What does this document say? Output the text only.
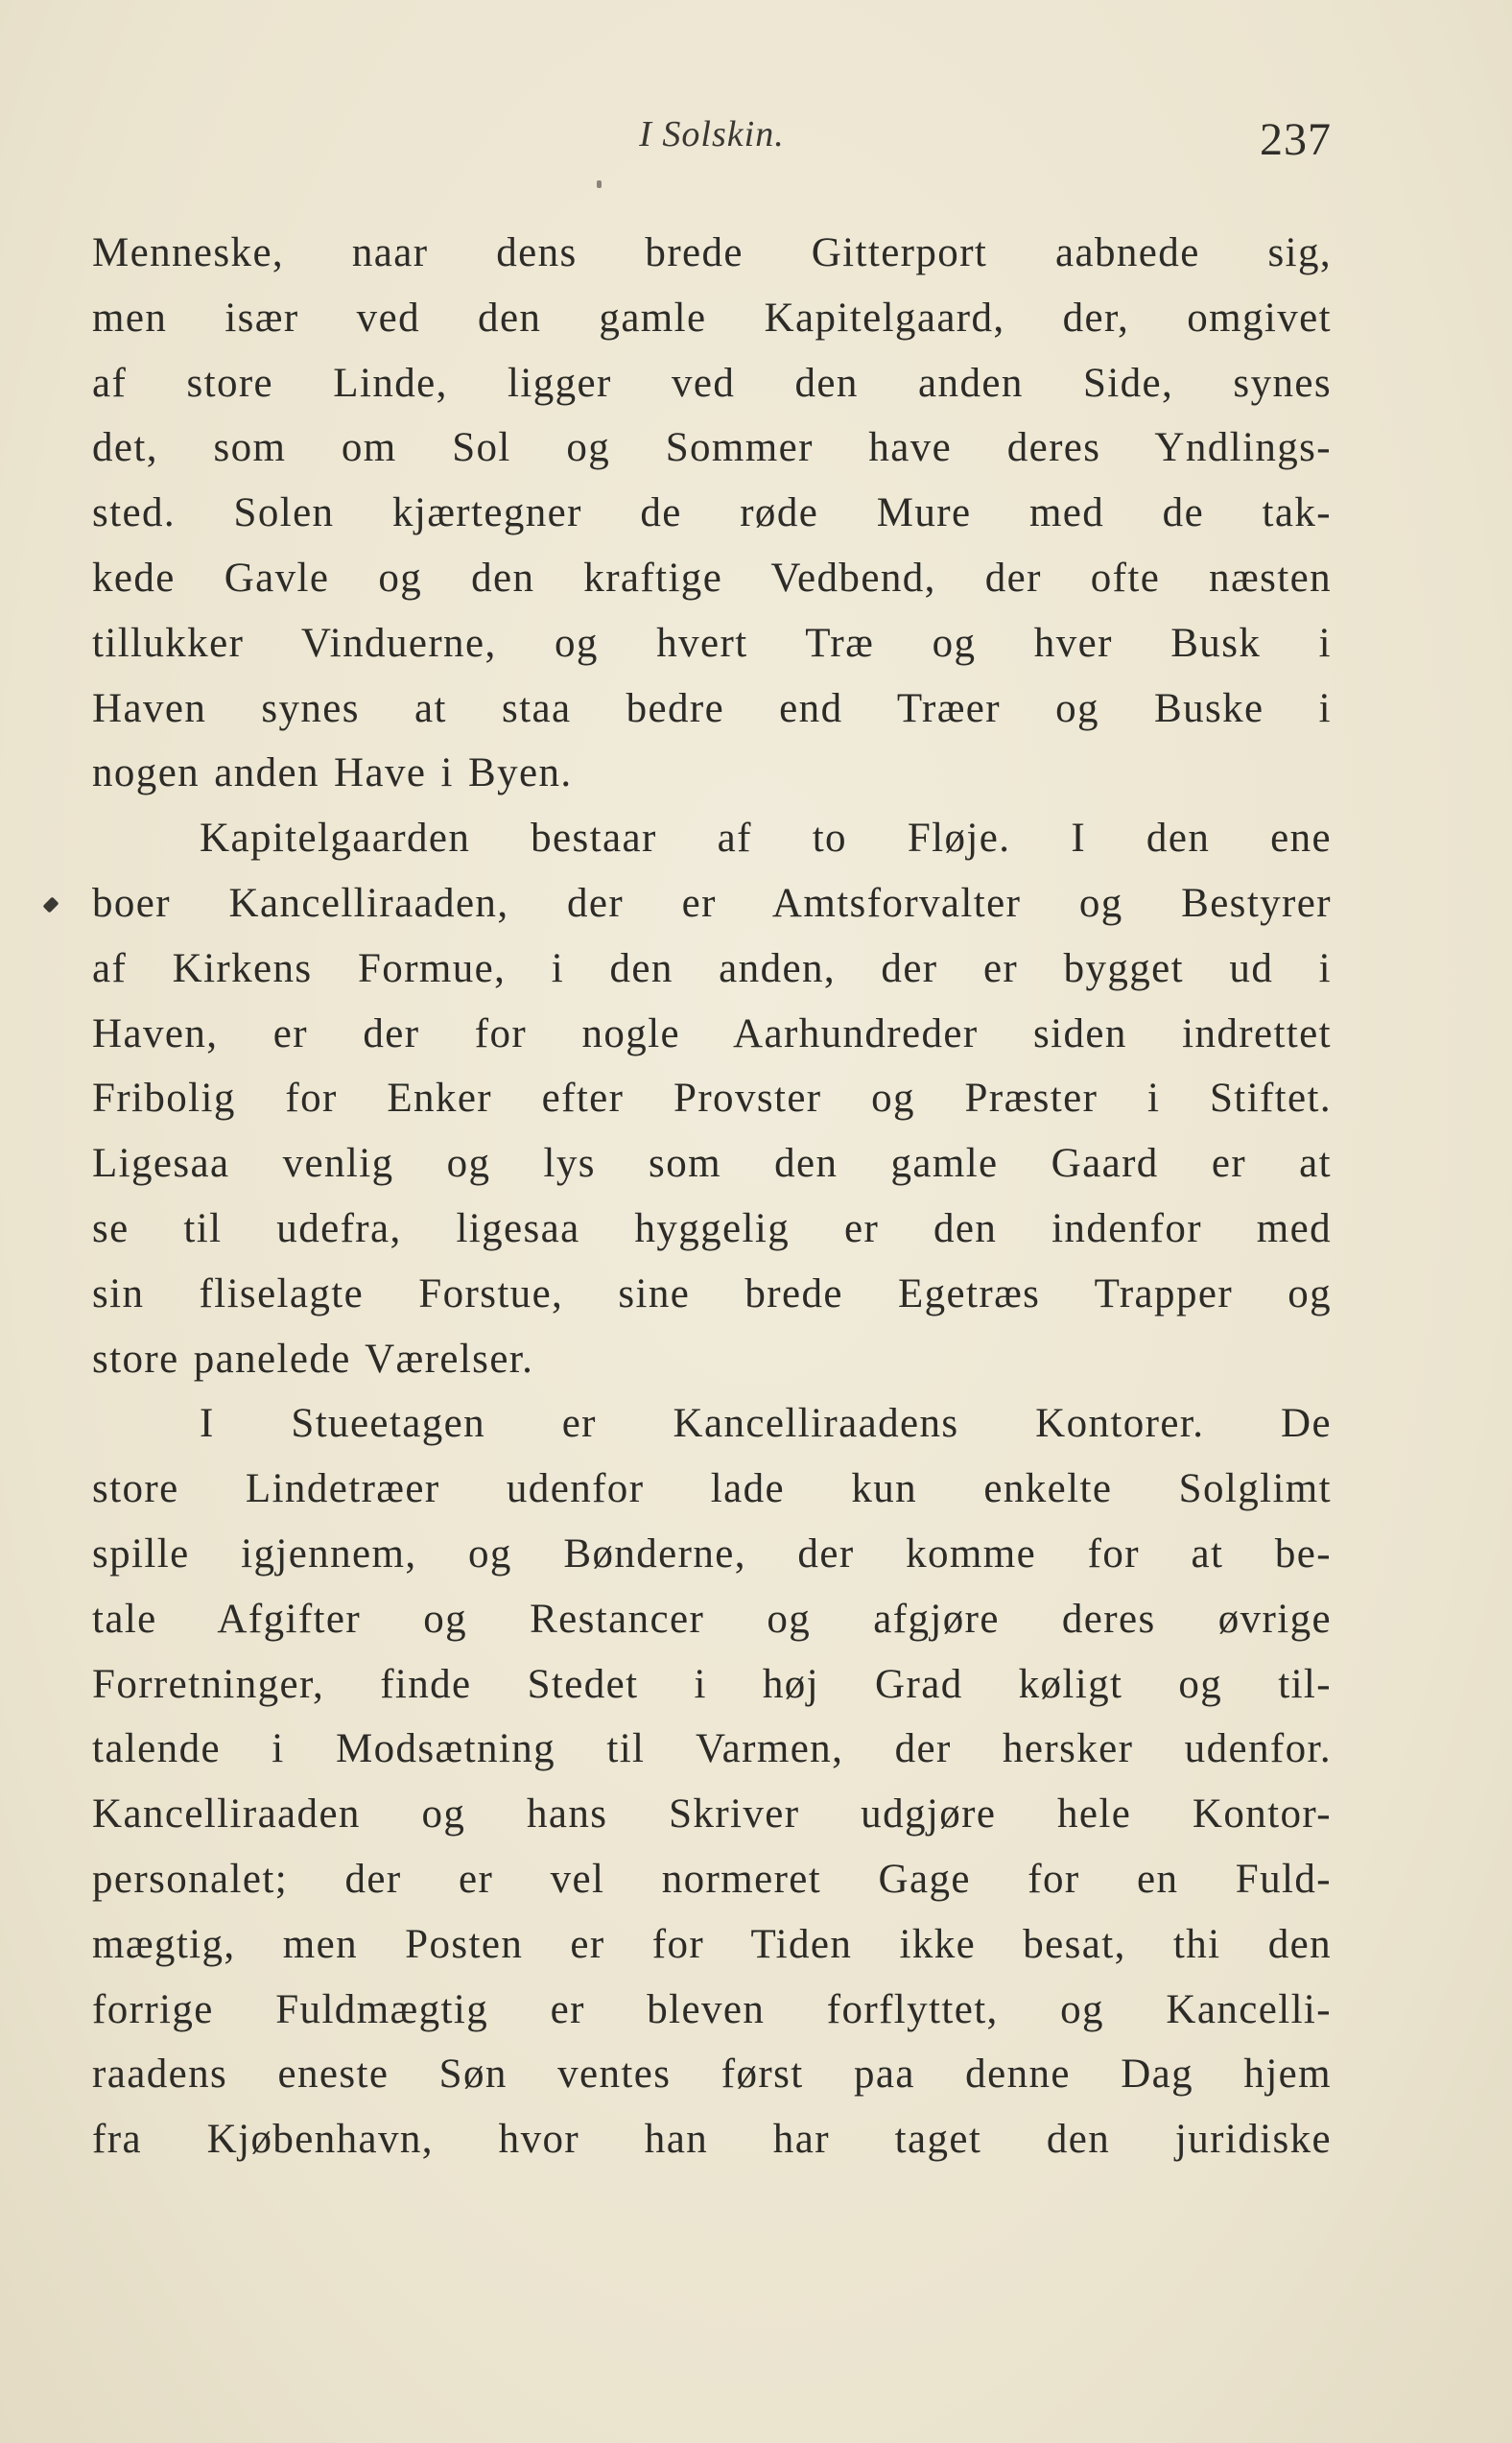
I Solskin.	237
Menneske, naar dens brede Gitterport aabnede sig,
men især ved den gamle Kapitelgaard, der, omgivet
af store Linde, ligger ved den anden Side, synes
det, som om Sol og Sommer have deres Yndlings-
sted. Solen kjærtegner de røde Mure med de tak-
kede Gavle og den kraftige Vedbend, der ofte næsten
tillukker Vinduerne, og hvert Træ og hver Busk i
Haven synes at staa bedre end Træer og Buske i
nogen anden Have i Byen.
Kapitelgaarden bestaar af to Fløje. I den ene
boer Kancelliraaden, der er Amtsforvalter og Bestyrer
af Kirkens Formue, i den anden, der er bygget ud i
Haven, er der for nogle Aarhundreder siden indrettet
Fribolig for Enker efter Provster og Præster i Stiftet.
Ligesaa venlig og lys som den gamle Gaard er at
se til udefra, ligesaa hyggelig er den indenfor med
sin fliselagte Forstue, sine brede Egetræs Trapper og
store panelede Værelser.
I Stueetagen er Kancelliraadens Kontorer. De
store Lindetræer udenfor lade kun enkelte Solglimt
spille igjennem, og Bønderne, der komme for at be-
tale Afgifter og Restancer og afgjøre deres øvrige
Forretninger, finde Stedet i høj Grad køligt og til-
talende i Modsætning til Varmen, der hersker udenfor.
Kancelliraaden og hans Skriver udgjøre hele Kontor-
personalet; der er vel normeret Gage for en Fuld-
mægtig, men Posten er for Tiden ikke besat, thi den
forrige Fuldmægtig er bleven forflyttet, og Kancelli-
raadens eneste Søn ventes først paa denne Dag hjem
fra Kjøbenhavn, hvor han har taget den juridiske
